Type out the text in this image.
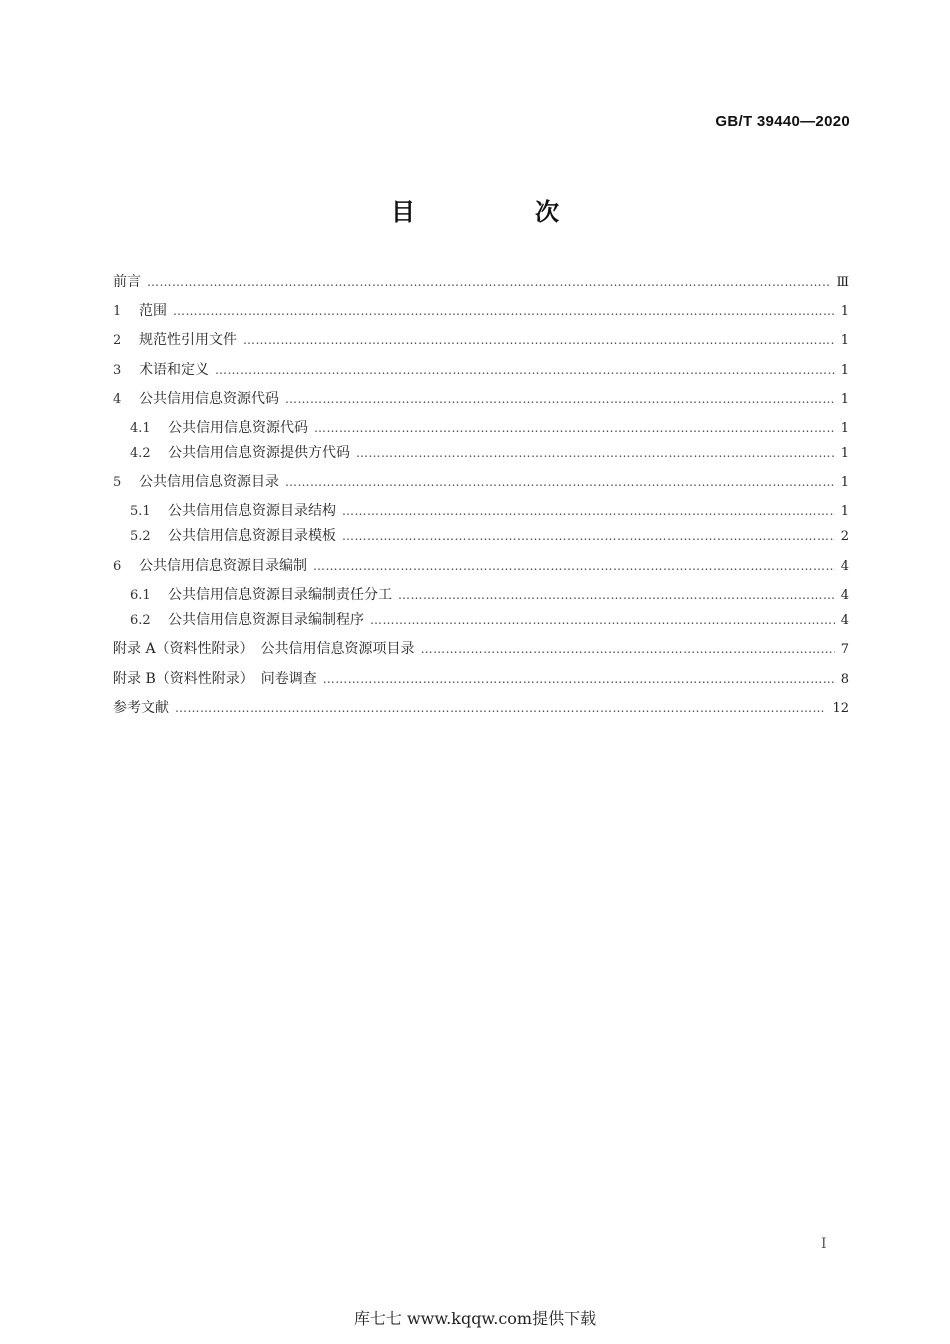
GB/T 39440—2020
目　次
前言 …………………………………………………………………………………………………………………………………………………………………………………………………………………………………………	Ⅲ
1	范围 …………………………………………………………………………………………………………………………………………………………………………………………………………………………………………	1
2	规范性引用文件 …………………………………………………………………………………………………………………………………………………………………………………………………………………………………………	1
3	术语和定义 …………………………………………………………………………………………………………………………………………………………………………………………………………………………………………	1
4	公共信用信息资源代码 …………………………………………………………………………………………………………………………………………………………………………………………………………………………………………	1
4.1	公共信用信息资源代码 …………………………………………………………………………………………………………………………………………………………………………………………………………………………………………	1
4.2	公共信用信息资源提供方代码 …………………………………………………………………………………………………………………………………………………………………………………………………………………………………………	1
5	公共信用信息资源目录 …………………………………………………………………………………………………………………………………………………………………………………………………………………………………………	1
5.1	公共信用信息资源目录结构 …………………………………………………………………………………………………………………………………………………………………………………………………………………………………………	1
5.2	公共信用信息资源目录模板 …………………………………………………………………………………………………………………………………………………………………………………………………………………………………………	2
6	公共信用信息资源目录编制 …………………………………………………………………………………………………………………………………………………………………………………………………………………………………………	4
6.1	公共信用信息资源目录编制责任分工 …………………………………………………………………………………………………………………………………………………………………………………………………………………………………………	4
6.2	公共信用信息资源目录编制程序 …………………………………………………………………………………………………………………………………………………………………………………………………………………………………………	4
附录 A（资料性附录）　公共信用信息资源项目录 …………………………………………………………………………………………………………………………………………………………………………………………………………………………………………	7
附录 B（资料性附录）　问卷调查 …………………………………………………………………………………………………………………………………………………………………………………………………………………………………………	8
参考文献 …………………………………………………………………………………………………………………………………………………………………………………………………………………………………………	12
Ⅰ
库七七 www.kqqw.com提供下载
